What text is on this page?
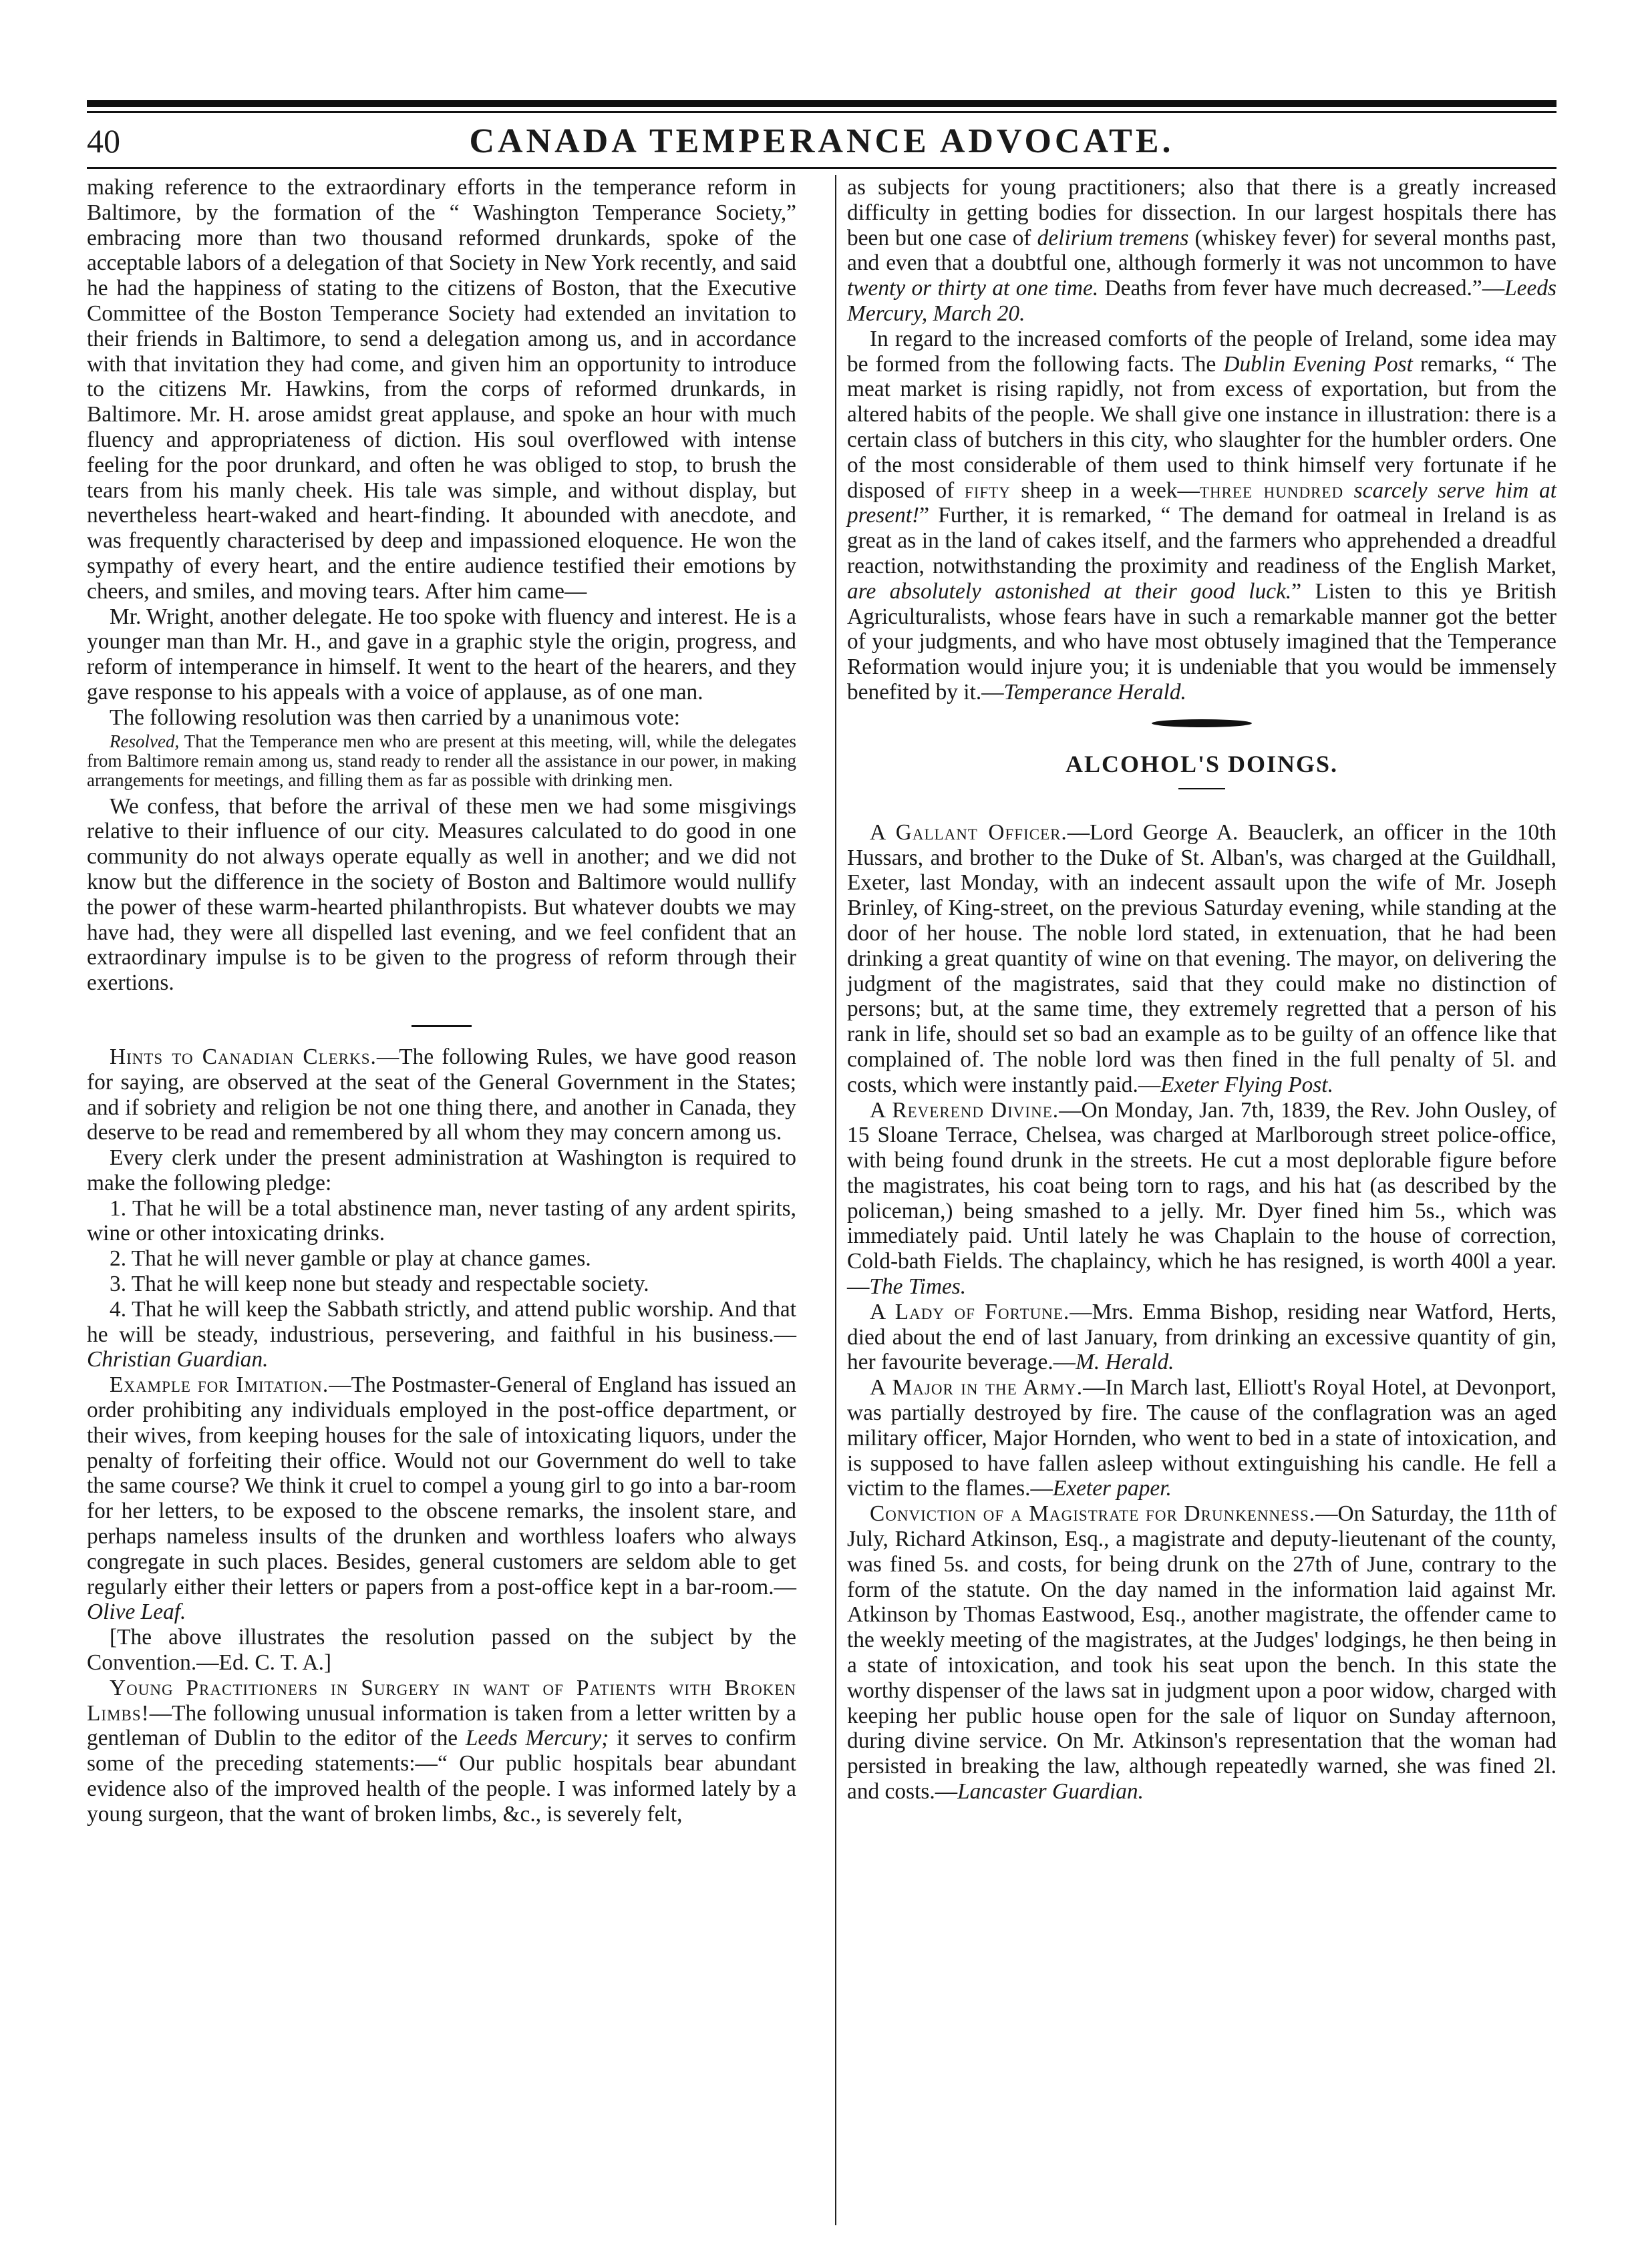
40	CANADA TEMPERANCE ADVOCATE.

making reference to the extraordinary efforts in the temperance reform in Baltimore, by the formation of the “ Washington Temperance Society,” embracing more than two thousand reformed drunkards, spoke of the acceptable labors of a delegation of that Society in New York recently, and said he had the happiness of stating to the citizens of Boston, that the Executive Committee of the Boston Temperance Society had extended an invitation to their friends in Baltimore, to send a delegation among us, and in accordance with that invitation they had come, and given him an opportunity to introduce to the citizens Mr. Hawkins, from the corps of reformed drunkards, in Baltimore. Mr. H. arose amidst great applause, and spoke an hour with much fluency and appropriateness of diction. His soul overflowed with intense feeling for the poor drunkard, and often he was obliged to stop, to brush the tears from his manly cheek. His tale was simple, and without display, but nevertheless heart-waked and heart-finding. It abounded with anecdote, and was frequently characterised by deep and impassioned eloquence. He won the sympathy of every heart, and the entire audience testified their emotions by cheers, and smiles, and moving tears. After him came—

Mr. Wright, another delegate. He too spoke with fluency and interest. He is a younger man than Mr. H., and gave in a graphic style the origin, progress, and reform of intemperance in himself. It went to the heart of the hearers, and they gave response to his appeals with a voice of applause, as of one man.

The following resolution was then carried by a unanimous vote:

Resolved, That the Temperance men who are present at this meeting, will, while the delegates from Baltimore remain among us, stand ready to render all the assistance in our power, in making arrangements for meetings, and filling them as far as possible with drinking men.

We confess, that before the arrival of these men we had some misgivings relative to their influence of our city. Measures calculated to do good in one community do not always operate equally as well in another; and we did not know but the difference in the society of Boston and Baltimore would nullify the power of these warm-hearted philanthropists. But whatever doubts we may have had, they were all dispelled last evening, and we feel confident that an extraordinary impulse is to be given to the progress of reform through their exertions.

Hints to Canadian Clerks.—The following Rules, we have good reason for saying, are observed at the seat of the General Government in the States; and if sobriety and religion be not one thing there, and another in Canada, they deserve to be read and remembered by all whom they may concern among us.

Every clerk under the present administration at Washington is required to make the following pledge:

1. That he will be a total abstinence man, never tasting of any ardent spirits, wine or other intoxicating drinks.

2. That he will never gamble or play at chance games.

3. That he will keep none but steady and respectable society.

4. That he will keep the Sabbath strictly, and attend public worship. And that he will be steady, industrious, persevering, and faithful in his business.—Christian Guardian.

Example for Imitation.—The Postmaster-General of England has issued an order prohibiting any individuals employed in the post-office department, or their wives, from keeping houses for the sale of intoxicating liquors, under the penalty of forfeiting their office. Would not our Government do well to take the same course? We think it cruel to compel a young girl to go into a bar-room for her letters, to be exposed to the obscene remarks, the insolent stare, and perhaps nameless insults of the drunken and worthless loafers who always congregate in such places. Besides, general customers are seldom able to get regularly either their letters or papers from a post-office kept in a bar-room.—Olive Leaf.

[The above illustrates the resolution passed on the subject by the Convention.—Ed. C. T. A.]

Young Practitioners in Surgery in want of Patients with Broken Limbs!—The following unusual information is taken from a letter written by a gentleman of Dublin to the editor of the Leeds Mercury; it serves to confirm some of the preceding statements:—“ Our public hospitals bear abundant evidence also of the improved health of the people. I was informed lately by a young surgeon, that the want of broken limbs, &c., is severely felt,

as subjects for young practitioners; also that there is a greatly increased difficulty in getting bodies for dissection. In our largest hospitals there has been but one case of delirium tremens (whiskey fever) for several months past, and even that a doubtful one, although formerly it was not uncommon to have twenty or thirty at one time. Deaths from fever have much decreased.”—Leeds Mercury, March 20.

In regard to the increased comforts of the people of Ireland, some idea may be formed from the following facts. The Dublin Evening Post remarks, “ The meat market is rising rapidly, not from excess of exportation, but from the altered habits of the people. We shall give one instance in illustration: there is a certain class of butchers in this city, who slaughter for the humbler orders. One of the most considerable of them used to think himself very fortunate if he disposed of fifty sheep in a week—three hundred scarcely serve him at present!” Further, it is remarked, “ The demand for oatmeal in Ireland is as great as in the land of cakes itself, and the farmers who apprehended a dreadful reaction, notwithstanding the proximity and readiness of the English Market, are absolutely astonished at their good luck.” Listen to this ye British Agriculturalists, whose fears have in such a remarkable manner got the better of your judgments, and who have most obtusely imagined that the Temperance Reformation would injure you; it is undeniable that you would be immensely benefited by it.—Temperance Herald.

ALCOHOL'S DOINGS.

A Gallant Officer.—Lord George A. Beauclerk, an officer in the 10th Hussars, and brother to the Duke of St. Alban's, was charged at the Guildhall, Exeter, last Monday, with an indecent assault upon the wife of Mr. Joseph Brinley, of King-street, on the previous Saturday evening, while standing at the door of her house. The noble lord stated, in extenuation, that he had been drinking a great quantity of wine on that evening. The mayor, on delivering the judgment of the magistrates, said that they could make no distinction of persons; but, at the same time, they extremely regretted that a person of his rank in life, should set so bad an example as to be guilty of an offence like that complained of. The noble lord was then fined in the full penalty of 5l. and costs, which were instantly paid.—Exeter Flying Post.

A Reverend Divine.—On Monday, Jan. 7th, 1839, the Rev. John Ousley, of 15 Sloane Terrace, Chelsea, was charged at Marlborough street police-office, with being found drunk in the streets. He cut a most deplorable figure before the magistrates, his coat being torn to rags, and his hat (as described by the policeman,) being smashed to a jelly. Mr. Dyer fined him 5s., which was immediately paid. Until lately he was Chaplain to the house of correction, Cold-bath Fields. The chaplaincy, which he has resigned, is worth 400l a year.—The Times.

A Lady of Fortune.—Mrs. Emma Bishop, residing near Watford, Herts, died about the end of last January, from drinking an excessive quantity of gin, her favourite beverage.—M. Herald.

A Major in the Army.—In March last, Elliott's Royal Hotel, at Devonport, was partially destroyed by fire. The cause of the conflagration was an aged military officer, Major Hornden, who went to bed in a state of intoxication, and is supposed to have fallen asleep without extinguishing his candle. He fell a victim to the flames.—Exeter paper.

Conviction of a Magistrate for Drunkenness.—On Saturday, the 11th of July, Richard Atkinson, Esq., a magistrate and deputy-lieutenant of the county, was fined 5s. and costs, for being drunk on the 27th of June, contrary to the form of the statute. On the day named in the information laid against Mr. Atkinson by Thomas Eastwood, Esq., another magistrate, the offender came to the weekly meeting of the magistrates, at the Judges' lodgings, he then being in a state of intoxication, and took his seat upon the bench. In this state the worthy dispenser of the laws sat in judgment upon a poor widow, charged with keeping her public house open for the sale of liquor on Sunday afternoon, during divine service. On Mr. Atkinson's representation that the woman had persisted in breaking the law, although repeatedly warned, she was fined 2l. and costs.—Lancaster Guardian.
